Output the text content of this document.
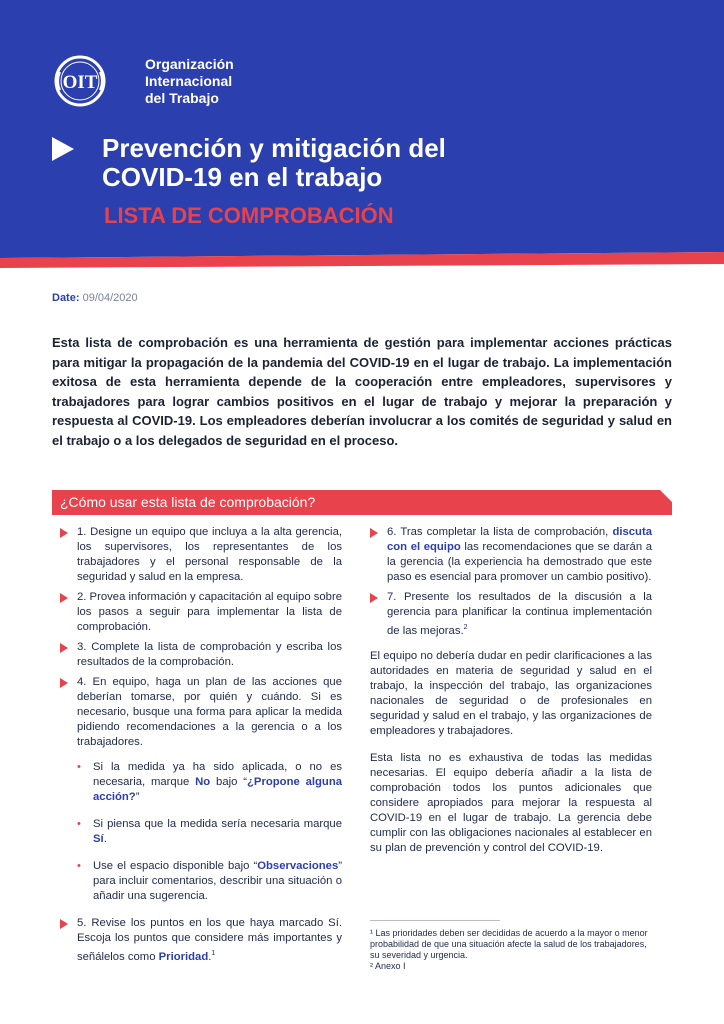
OIT
Organización
Internacional
del Trabajo
Prevención y mitigación del
COVID-19 en el trabajo
LISTA DE COMPROBACIÓN
Date: 09/04/2020
Esta lista de comprobación es una herramienta de gestión para implementar acciones prácticas para mitigar la propagación de la pandemia del COVID-19 en el lugar de trabajo. La implementación exitosa de esta herramienta depende de la cooperación entre empleadores, supervisores y trabajadores para lograr cambios positivos en el lugar de trabajo y mejorar la preparación y respuesta al COVID-19. Los empleadores deberían involucrar a los comités de seguridad y salud en el trabajo o a los delegados de seguridad en el proceso.
¿Cómo usar esta lista de comprobación?
1. Designe un equipo que incluya a la alta gerencia, los supervisores, los representantes de los trabajadores y el personal responsable de la seguridad y salud en la empresa.
2. Provea información y capacitación al equipo sobre los pasos a seguir para implementar la lista de comprobación.
3. Complete la lista de comprobación y escriba los resultados de la comprobación.
4. En equipo, haga un plan de las acciones que deberían tomarse, por quién y cuándo. Si es necesario, busque una forma para aplicar la medida pidiendo recomendaciones a la gerencia o a los trabajadores.
• Si la medida ya ha sido aplicada, o no es necesaria, marque No bajo “¿Propone alguna acción?”
• Si piensa que la medida sería necesaria marque Sí.
• Use el espacio disponible bajo “Observaciones” para incluir comentarios, describir una situación o añadir una sugerencia.
5. Revise los puntos en los que haya marcado Sí. Escoja los puntos que considere más importantes y señálelos como Prioridad.$^1$
6. Tras completar la lista de comprobación, discuta con el equipo las recomendaciones que se darán a la gerencia (la experiencia ha demostrado que este paso es esencial para promover un cambio positivo).
7. Presente los resultados de la discusión a la gerencia para planificar la continua implementación de las mejoras.$^2$
El equipo no debería dudar en pedir clarificaciones a las autoridades en materia de seguridad y salud en el trabajo, la inspección del trabajo, las organizaciones nacionales de seguridad o de profesionales en seguridad y salud en el trabajo, y las organizaciones de empleadores y trabajadores.
Esta lista no es exhaustiva de todas las medidas necesarias. El equipo debería añadir a la lista de comprobación todos los puntos adicionales que considere apropiados para mejorar la respuesta al COVID-19 en el lugar de trabajo. La gerencia debe cumplir con las obligaciones nacionales al establecer en su plan de prevención y control del COVID-19.
¹ Las prioridades deben ser decididas de acuerdo a la mayor o menor probabilidad de que una situación afecte la salud de los trabajadores, su severidad y urgencia.
² Anexo I
